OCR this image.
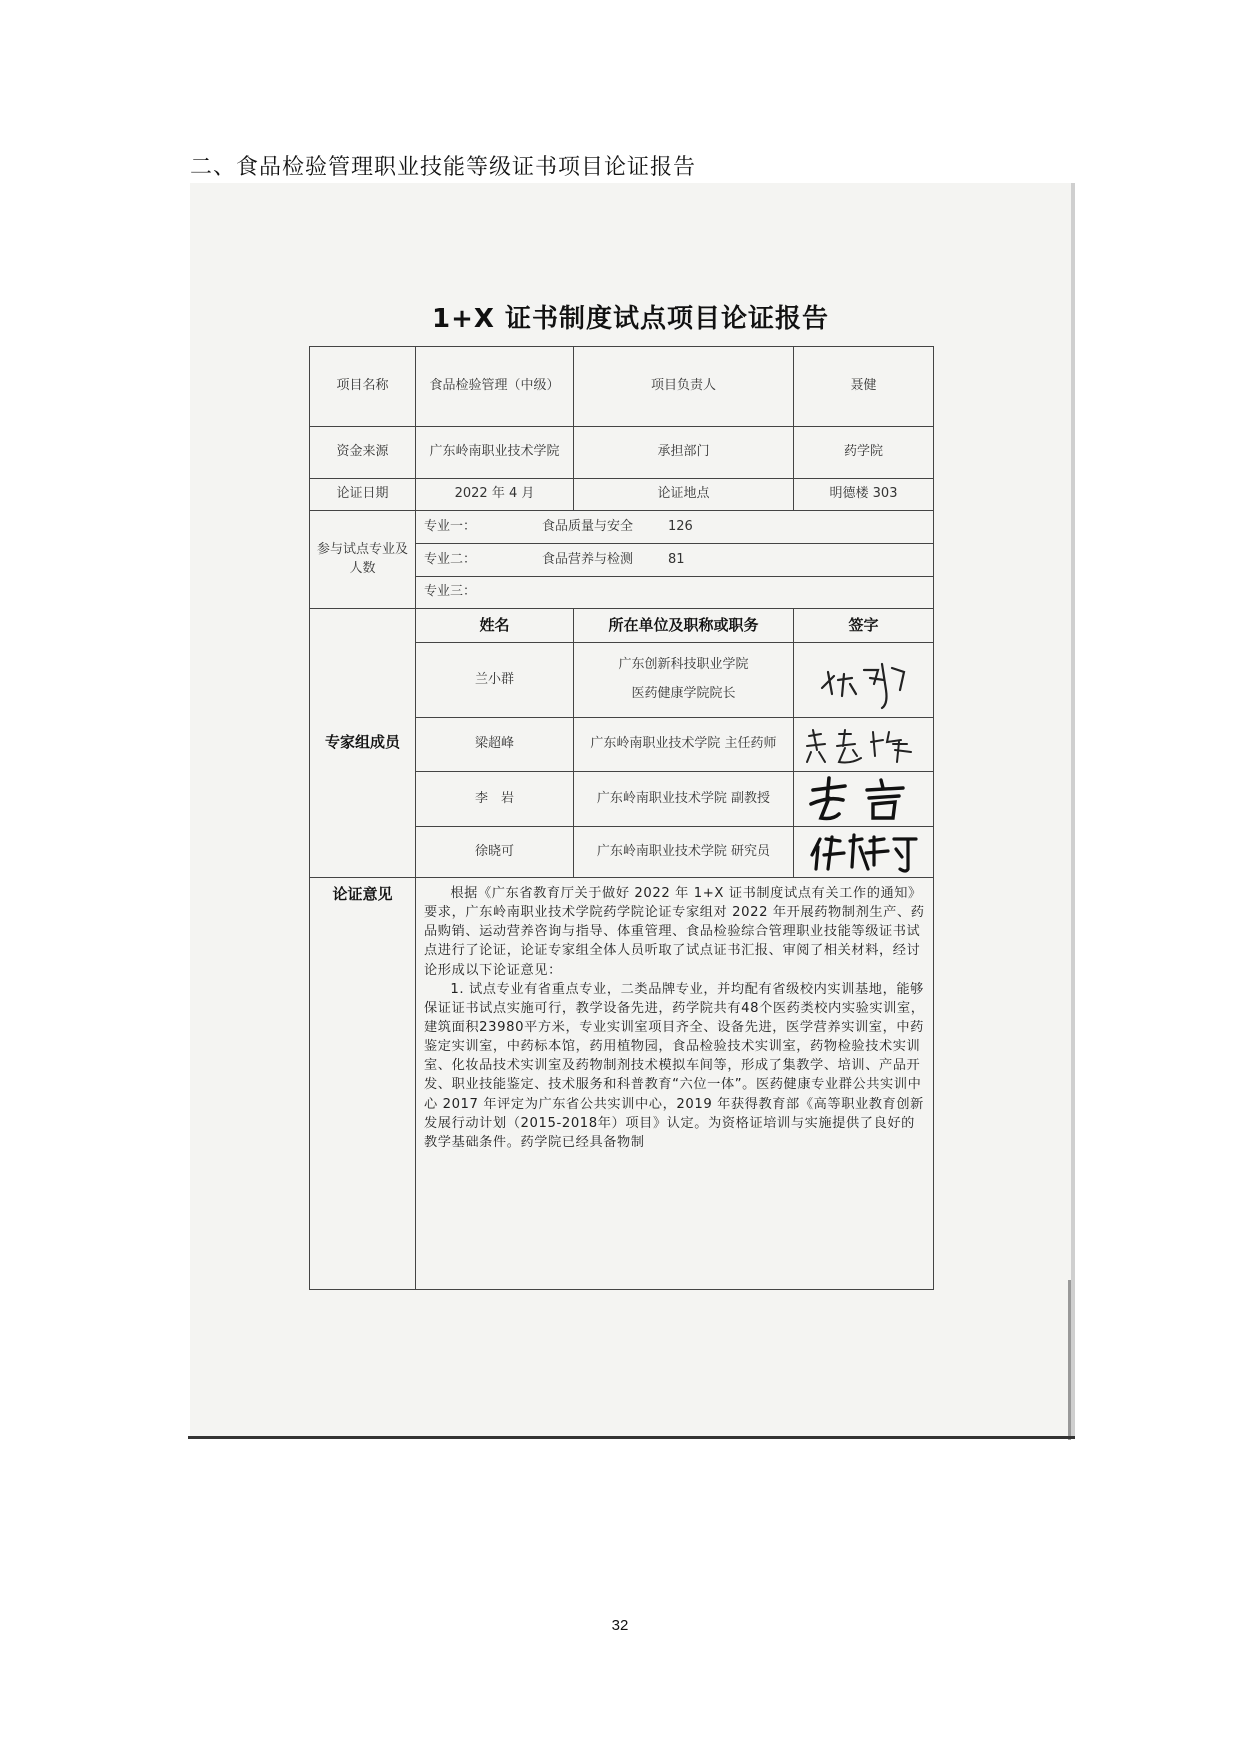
二、食品检验管理职业技能等级证书项目论证报告
1+X 证书制度试点项目论证报告
项目名称	食品检验管理（中级）	项目负责人	聂健
资金来源	广东岭南职业技术学院	承担部门	药学院
论证日期	2022 年 4 月	论证地点	明德楼 303
参与试点专业及人数	专业一： 食品质量与安全 126		
	专业二： 食品营养与检测 81		
	专业三：		
专家组成员	姓名	所在单位及职称或职务	签字
	兰小群	广东创新科技职业学院
医药健康学院院长	

	梁超峰	广东岭南职业技术学院 主任药师	

	李　岩	广东岭南职业技术学院 副教授	

	徐晓可	广东岭南职业技术学院 研究员	

论证意见	根据《广东省教育厅关于做好 2022 年 1+X 证书制度试点有关工作的通知》要求，广东岭南职业技术学院药学院论证专家组对 2022 年开展药物制剂生产、药品购销、运动营养咨询与指导、体重管理、食品检验综合管理职业技能等级证书试点进行了论证，论证专家组全体人员听取了试点证书汇报、审阅了相关材料，经讨论形成以下论证意见：

1. 试点专业有省重点专业，二类品牌专业，并均配有省级校内实训基地，能够保证证书试点实施可行，教学设备先进，药学院共有48个医药类校内实验实训室，建筑面积23980平方米，专业实训室项目齐全、设备先进，医学营养实训室，中药鉴定实训室，中药标本馆，药用植物园，食品检验技术实训室，药物检验技术实训室、化妆品技术实训室及药物制剂技术模拟车间等，形成了集教学、培训、产品开发、职业技能鉴定、技术服务和科普教育“六位一体”。医药健康专业群公共实训中心 2017 年评定为广东省公共实训中心，2019 年获得教育部《高等职业教育创新发展行动计划（2015-2018年）项目》认定。为资格证培训与实施提供了良好的教学基础条件。药学院已经具备物制		

32
